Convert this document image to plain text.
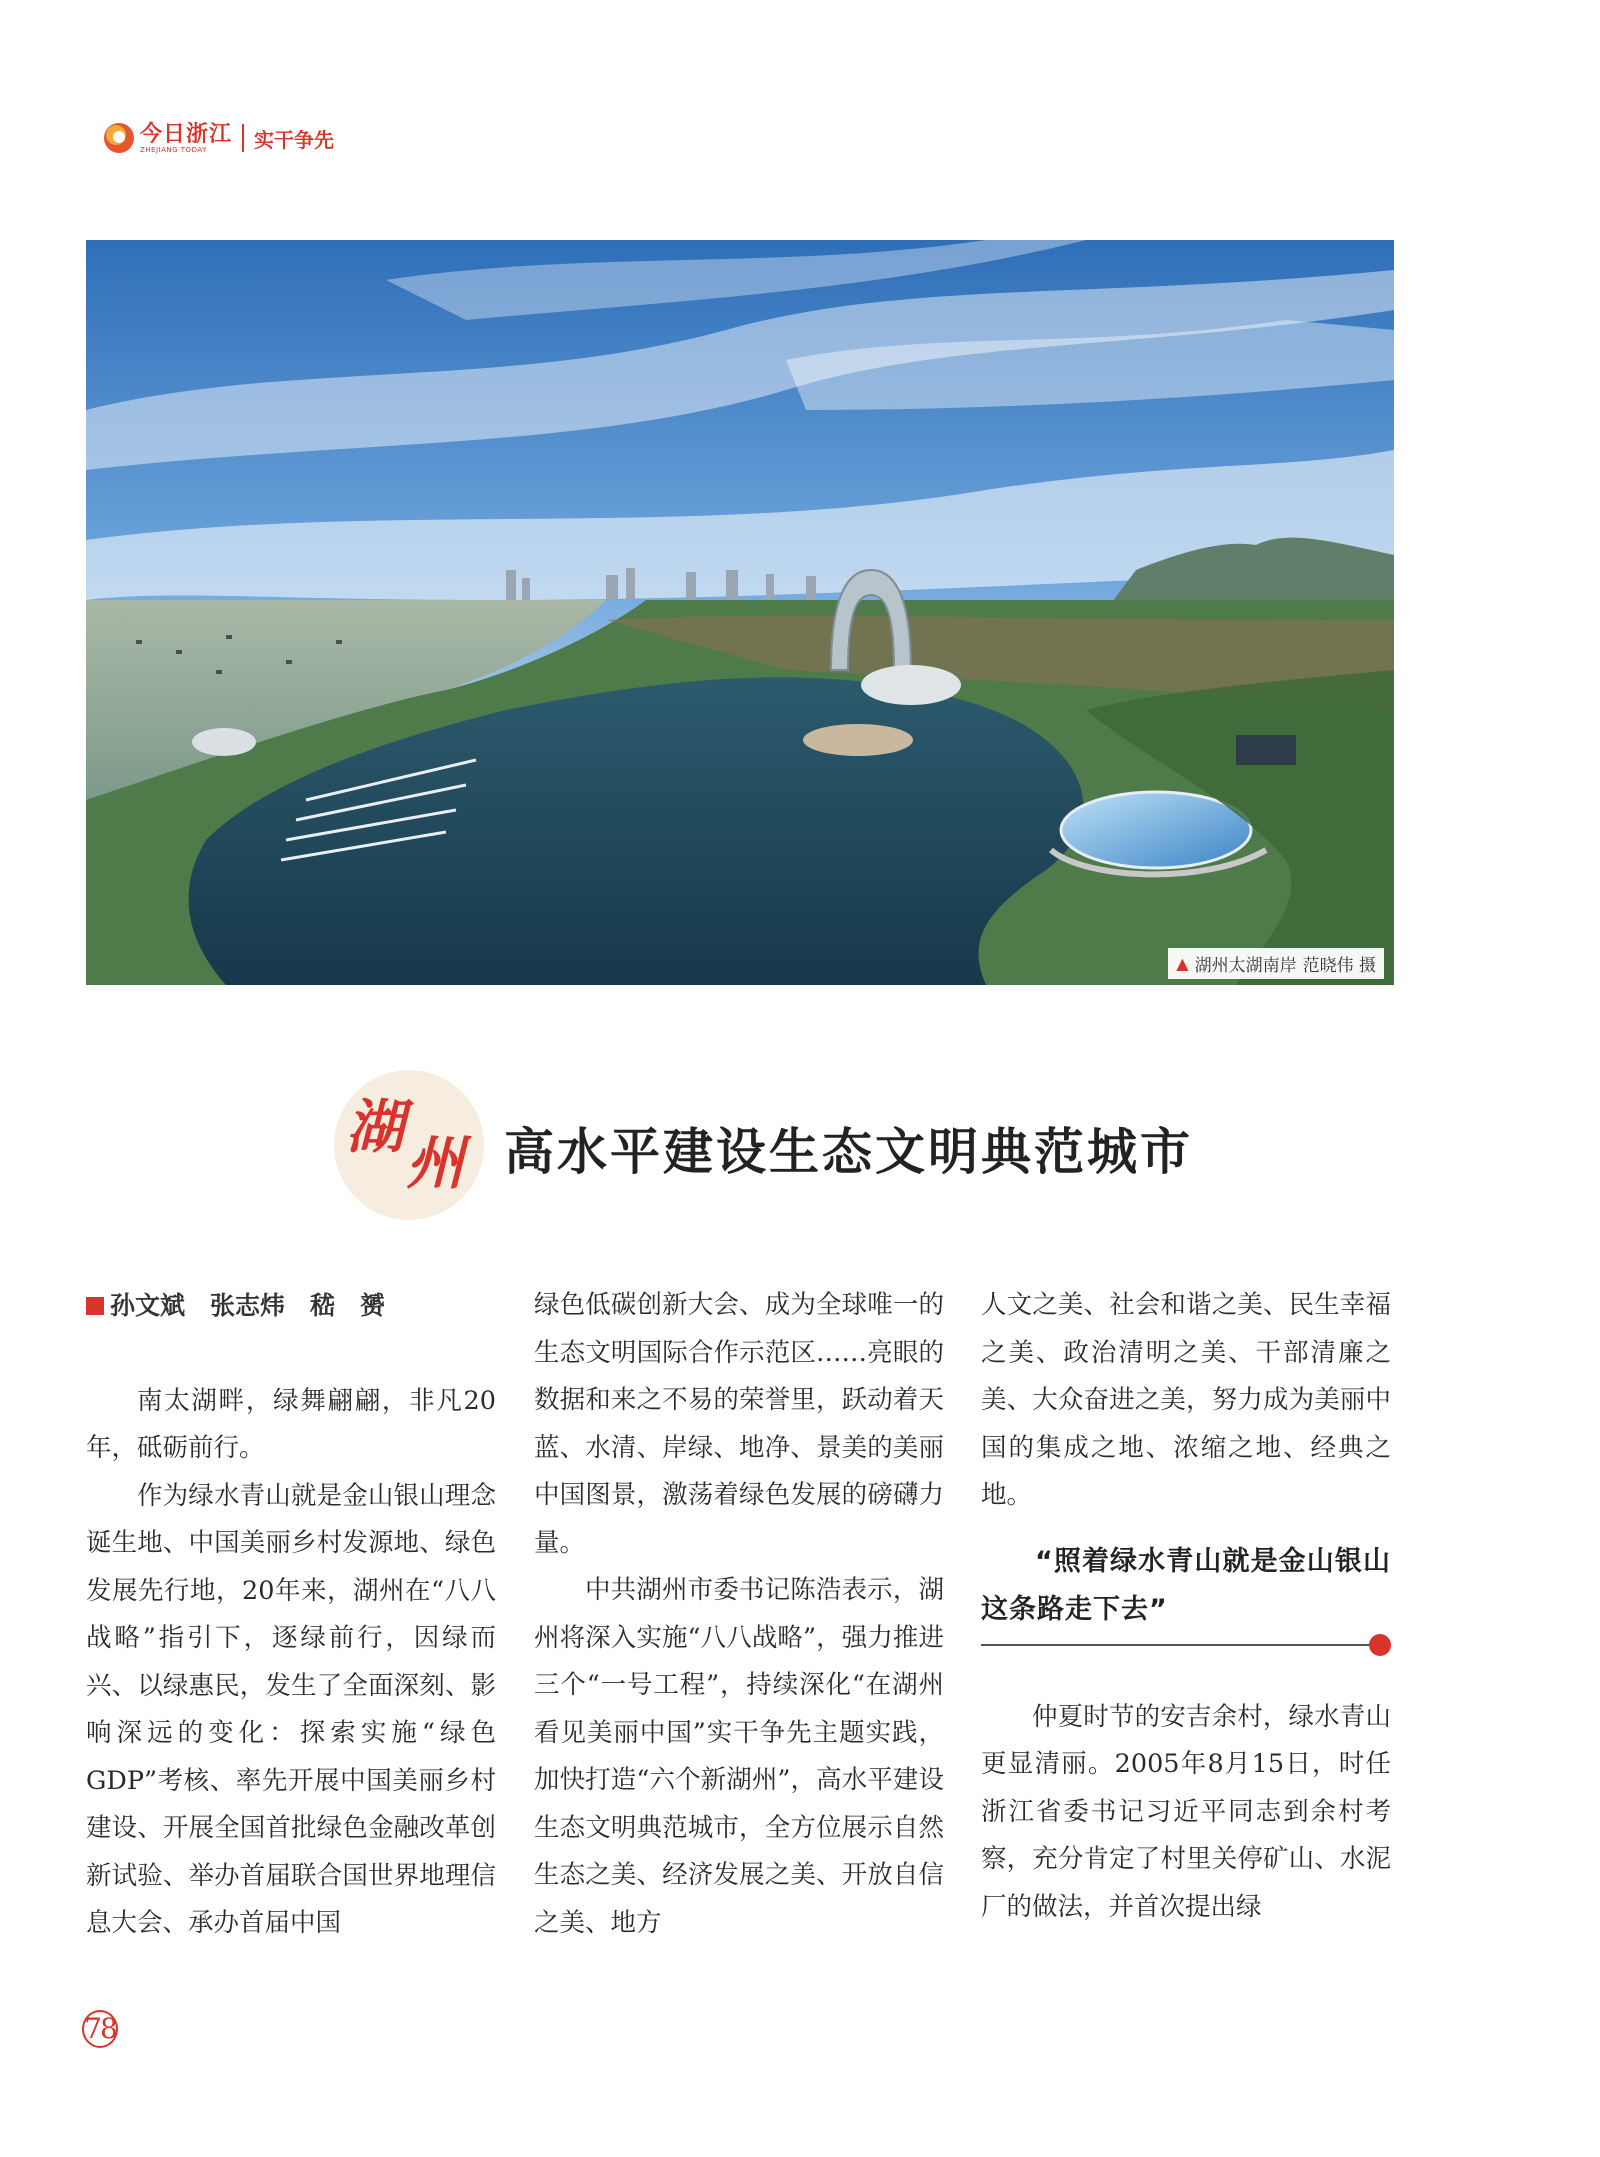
今日浙江
ZHEJIANG TODAY	实干争先
▲ 湖州太湖南岸 范晓伟 摄
湖州 高水平建设生态文明典范城市

孙文斌　张志炜　嵇　赟

南太湖畔，绿舞翩翩，非凡20年，砥砺前行。

作为绿水青山就是金山银山理念诞生地、中国美丽乡村发源地、绿色发展先行地，20年来，湖州在“八八战略”指引下，逐绿前行，因绿而兴、以绿惠民，发生了全面深刻、影响深远的变化：探索实施“绿色GDP”考核、率先开展中国美丽乡村建设、开展全国首批绿色金融改革创新试验、举办首届联合国世界地理信息大会、承办首届中国

绿色低碳创新大会、成为全球唯一的生态文明国际合作示范区……亮眼的数据和来之不易的荣誉里，跃动着天蓝、水清、岸绿、地净、景美的美丽中国图景，激荡着绿色发展的磅礴力量。

中共湖州市委书记陈浩表示，湖州将深入实施“八八战略”，强力推进三个“一号工程”，持续深化“在湖州看见美丽中国”实干争先主题实践，加快打造“六个新湖州”，高水平建设生态文明典范城市，全方位展示自然生态之美、经济发展之美、开放自信之美、地方

人文之美、社会和谐之美、民生幸福之美、政治清明之美、干部清廉之美、大众奋进之美，努力成为美丽中国的集成之地、浓缩之地、经典之地。

“照着绿水青山就是金山银山这条路走下去”

仲夏时节的安吉余村，绿水青山更显清丽。2005年8月15日，时任浙江省委书记习近平同志到余村考察，充分肯定了村里关停矿山、水泥厂的做法，并首次提出绿

78
